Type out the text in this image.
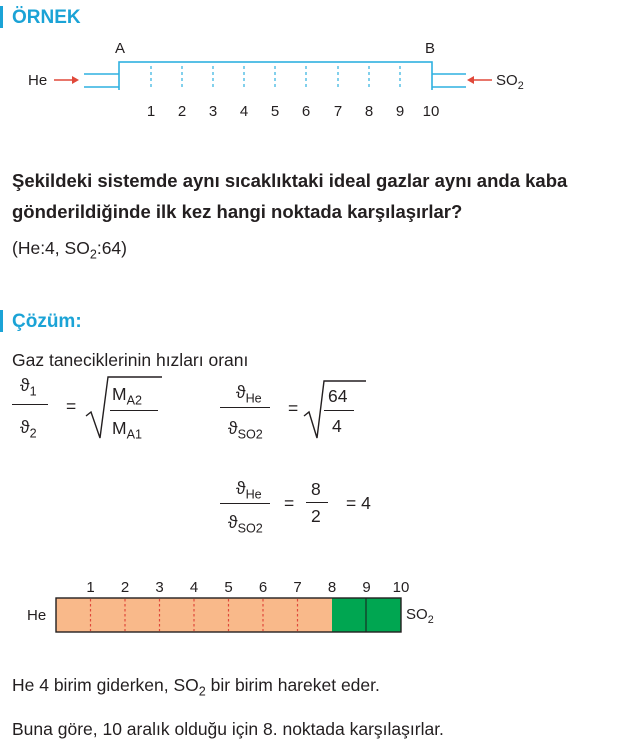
ÖRNEK
A	B
He	$SO_2$
1 2 3 4 5 6 7 8 9 10
Şekildeki sistemde aynı sıcaklıktaki ideal gazlar aynı anda kaba
gönderildiğinde ilk kez hangi noktada karşılaşırlar?
(He:4, $SO_2:64$)
Çözüm:
Gaz taneciklerinin hızları oranı
$ϑ_1$
$ϑ_2$
=
$M_{A2}$
$M_{A1}$
$ϑ_{He}$
$ϑ_{SO2}$
=
64
4
$ϑ_{He}$
$ϑ_{SO2}$
=
8
2
= 4
1 2 3 4 5 6 7 8 9 10
He	$SO_2$
He 4 birim giderken, $SO_2$ bir birim hareket eder.
Buna göre, 10 aralık olduğu için 8. noktada karşılaşırlar.
